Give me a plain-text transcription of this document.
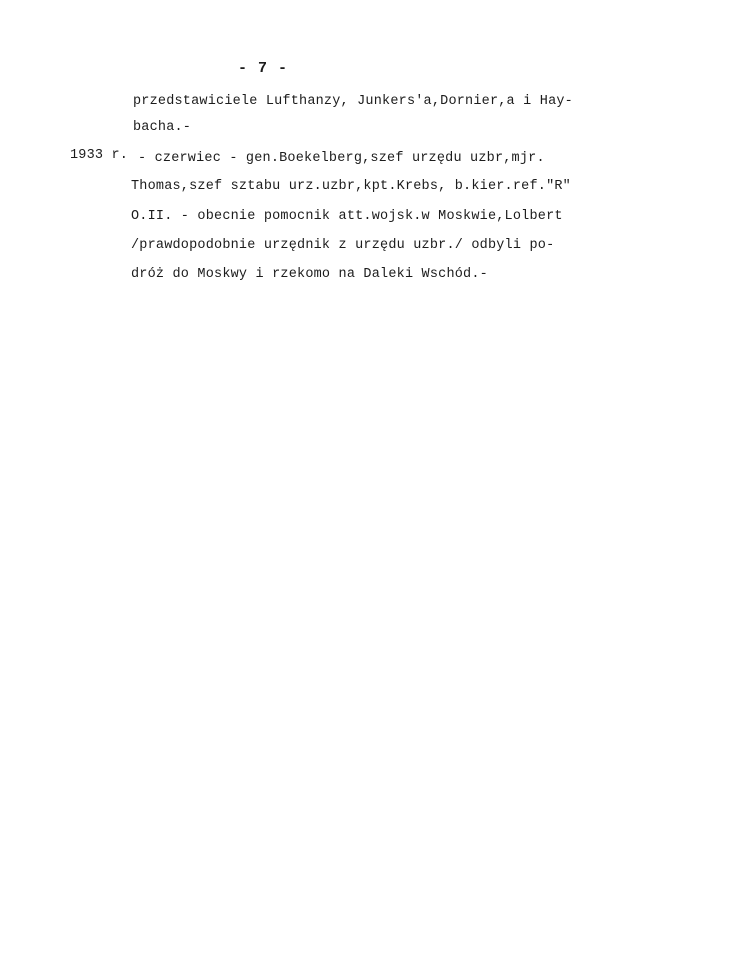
- 7 -
przedstawiciele Lufthanzy, Junkers'a,Dornier,a i Hay-
bacha.-
1933 r. - czerwiec - gen.Boekelberg,szef urzędu uzbr,mjr.
Thomas,szef sztabu urz.uzbr,kpt.Krebs, b.kier.ref."R"
O.II. - obecnie pomocnik att.wojsk.w Moskwie,Lolbert
/prawdopodobnie urzędnik z urzędu uzbr./ odbyli po-
dróż do Moskwy i rzekomo na Daleki Wschód.-
